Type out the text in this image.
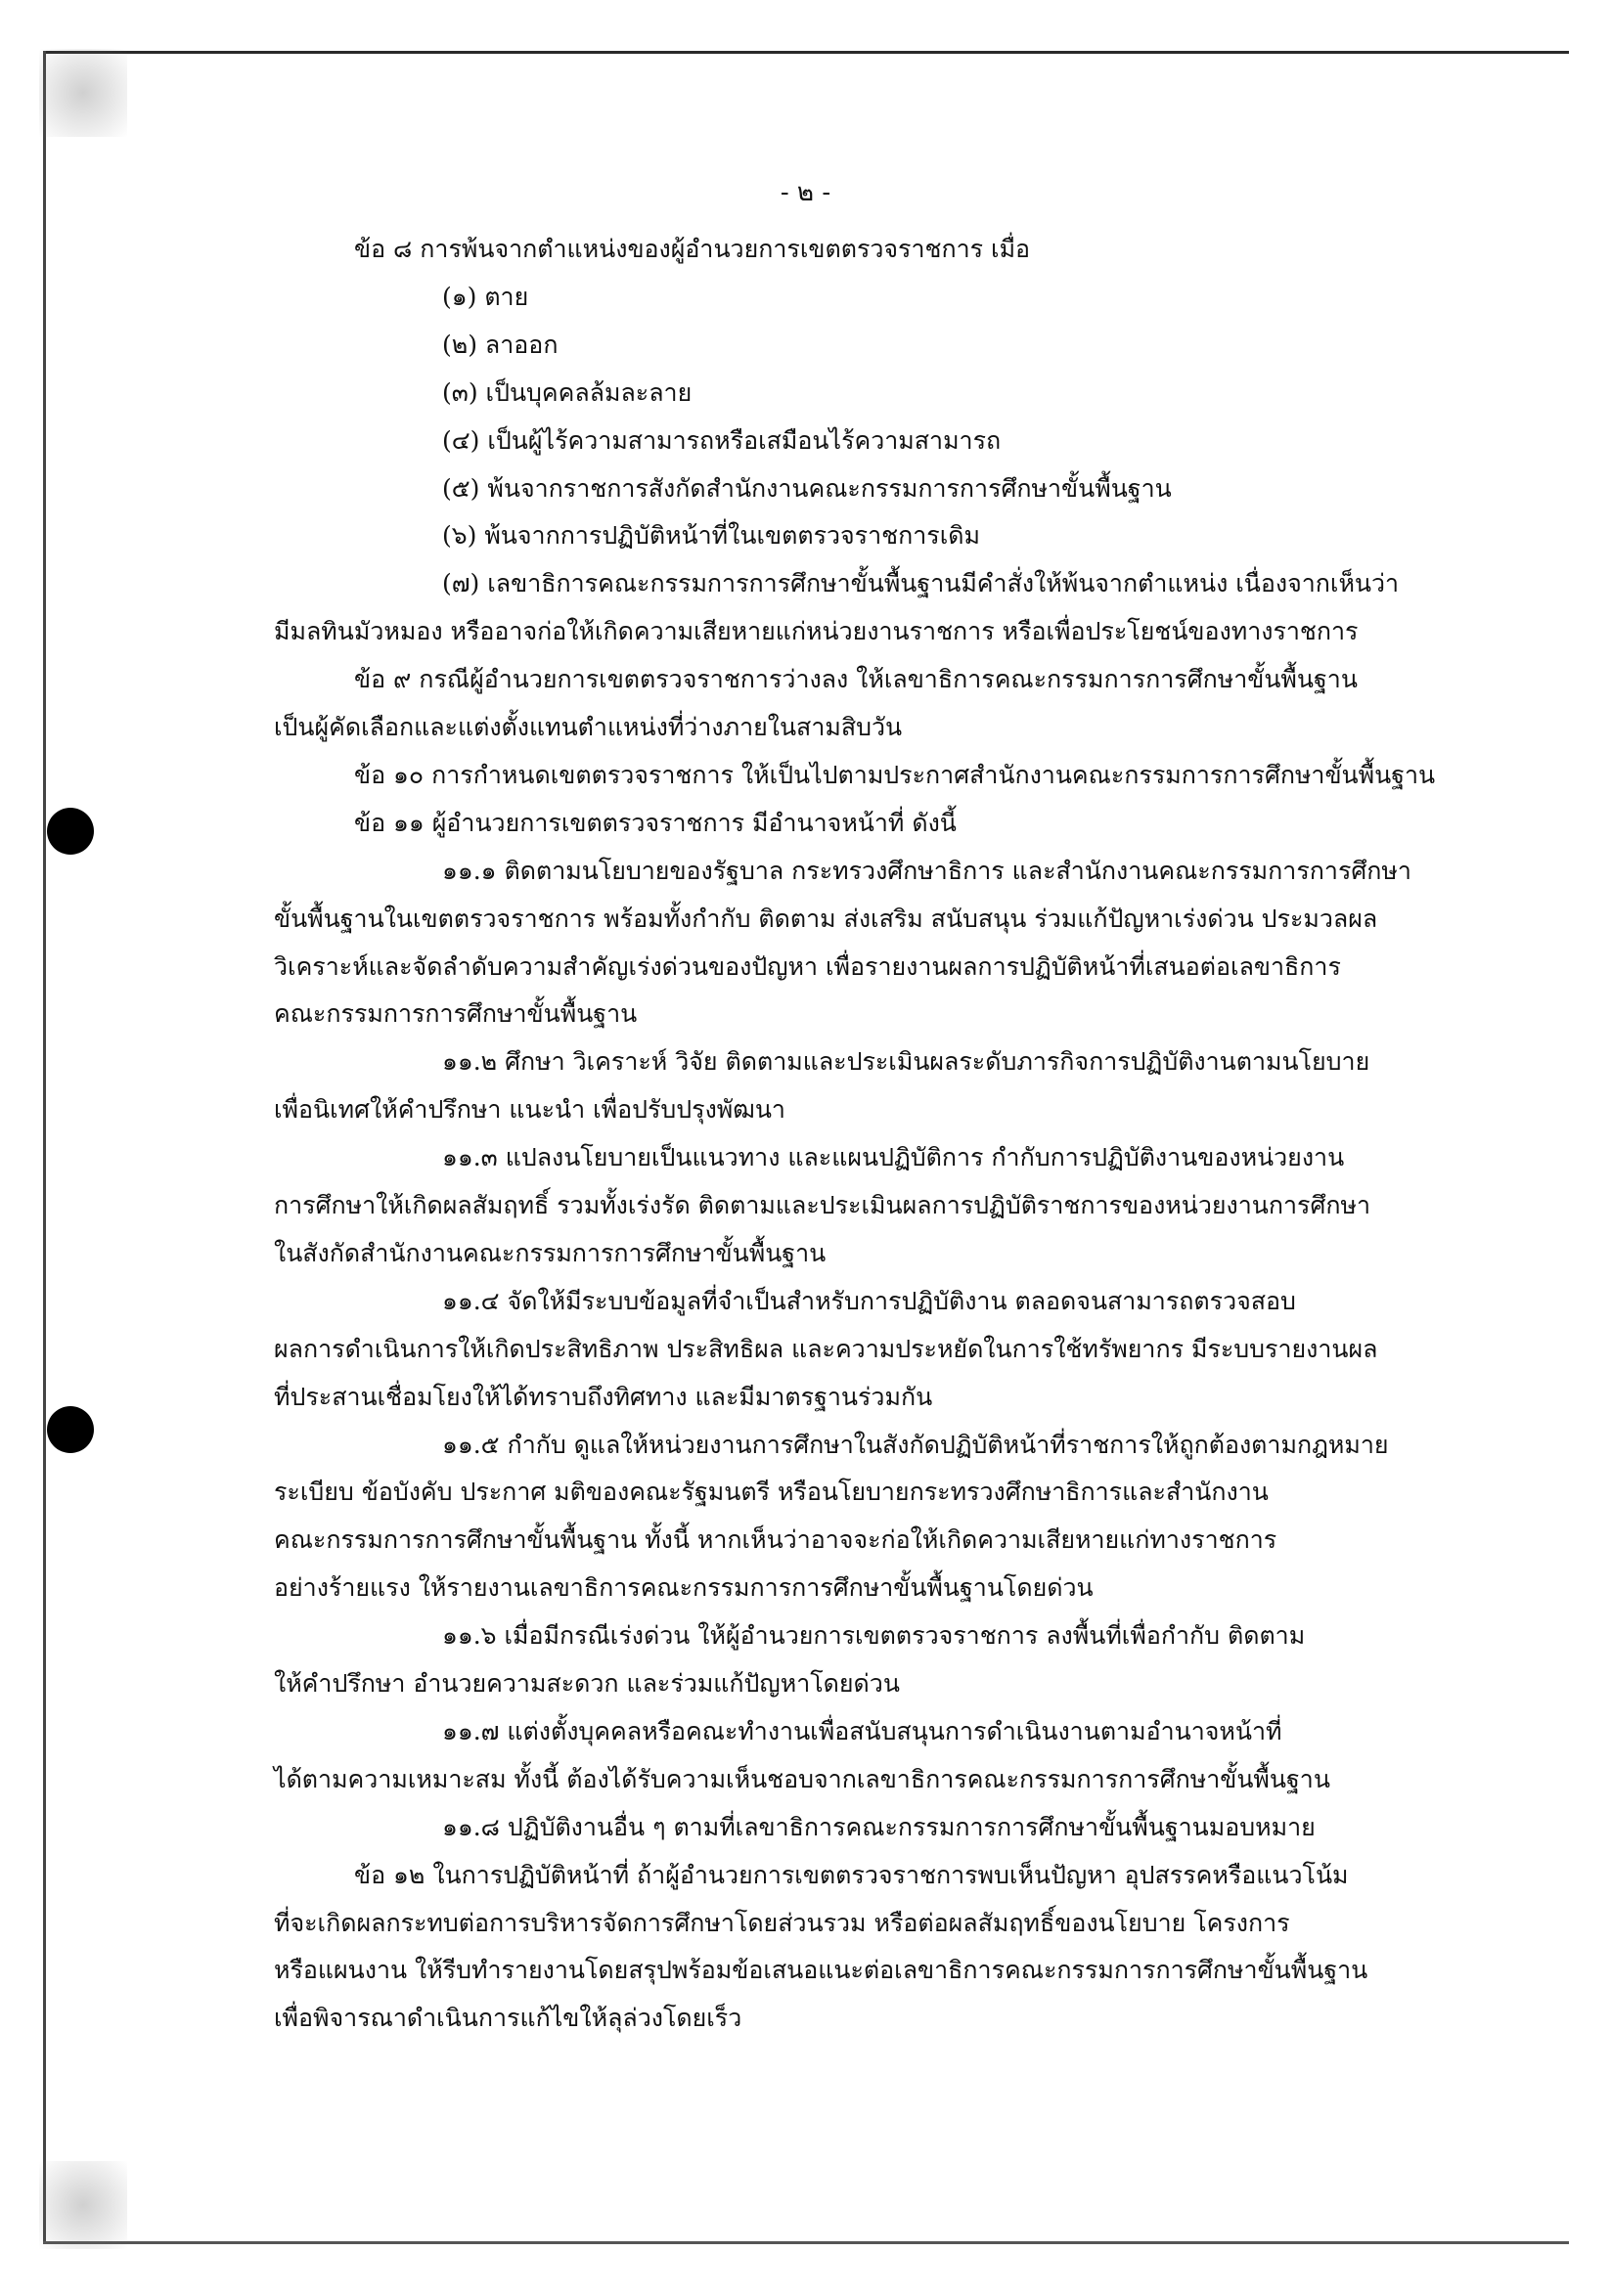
- ๒ -
ข้อ ๘ การพ้นจากตำแหน่งของผู้อำนวยการเขตตรวจราชการ เมื่อ
(๑) ตาย
(๒) ลาออก
(๓) เป็นบุคคลล้มละลาย
(๔) เป็นผู้ไร้ความสามารถหรือเสมือนไร้ความสามารถ
(๕) พ้นจากราชการสังกัดสำนักงานคณะกรรมการการศึกษาขั้นพื้นฐาน
(๖) พ้นจากการปฏิบัติหน้าที่ในเขตตรวจราชการเดิม
(๗) เลขาธิการคณะกรรมการการศึกษาขั้นพื้นฐานมีคำสั่งให้พ้นจากตำแหน่ง เนื่องจากเห็นว่า
มีมลทินมัวหมอง หรืออาจก่อให้เกิดความเสียหายแก่หน่วยงานราชการ หรือเพื่อประโยชน์ของทางราชการ
ข้อ ๙ กรณีผู้อำนวยการเขตตรวจราชการว่างลง ให้เลขาธิการคณะกรรมการการศึกษาขั้นพื้นฐาน
เป็นผู้คัดเลือกและแต่งตั้งแทนตำแหน่งที่ว่างภายในสามสิบวัน
ข้อ ๑๐ การกำหนดเขตตรวจราชการ ให้เป็นไปตามประกาศสำนักงานคณะกรรมการการศึกษาขั้นพื้นฐาน
ข้อ ๑๑ ผู้อำนวยการเขตตรวจราชการ มีอำนาจหน้าที่ ดังนี้
๑๑.๑ ติดตามนโยบายของรัฐบาล กระทรวงศึกษาธิการ และสำนักงานคณะกรรมการการศึกษา
ขั้นพื้นฐานในเขตตรวจราชการ พร้อมทั้งกำกับ ติดตาม ส่งเสริม สนับสนุน ร่วมแก้ปัญหาเร่งด่วน ประมวลผล
วิเคราะห์และจัดลำดับความสำคัญเร่งด่วนของปัญหา เพื่อรายงานผลการปฏิบัติหน้าที่เสนอต่อเลขาธิการ
คณะกรรมการการศึกษาขั้นพื้นฐาน
๑๑.๒ ศึกษา วิเคราะห์ วิจัย ติดตามและประเมินผลระดับภารกิจการปฏิบัติงานตามนโยบาย
เพื่อนิเทศให้คำปรึกษา แนะนำ เพื่อปรับปรุงพัฒนา
๑๑.๓ แปลงนโยบายเป็นแนวทาง และแผนปฏิบัติการ กำกับการปฏิบัติงานของหน่วยงาน
การศึกษาให้เกิดผลสัมฤทธิ์ รวมทั้งเร่งรัด ติดตามและประเมินผลการปฏิบัติราชการของหน่วยงานการศึกษา
ในสังกัดสำนักงานคณะกรรมการการศึกษาขั้นพื้นฐาน
๑๑.๔ จัดให้มีระบบข้อมูลที่จำเป็นสำหรับการปฏิบัติงาน ตลอดจนสามารถตรวจสอบ
ผลการดำเนินการให้เกิดประสิทธิภาพ ประสิทธิผล และความประหยัดในการใช้ทรัพยากร มีระบบรายงานผล
ที่ประสานเชื่อมโยงให้ได้ทราบถึงทิศทาง และมีมาตรฐานร่วมกัน
๑๑.๕ กำกับ ดูแลให้หน่วยงานการศึกษาในสังกัดปฏิบัติหน้าที่ราชการให้ถูกต้องตามกฎหมาย
ระเบียบ ข้อบังคับ ประกาศ มติของคณะรัฐมนตรี หรือนโยบายกระทรวงศึกษาธิการและสำนักงาน
คณะกรรมการการศึกษาขั้นพื้นฐาน ทั้งนี้ หากเห็นว่าอาจจะก่อให้เกิดความเสียหายแก่ทางราชการ
อย่างร้ายแรง ให้รายงานเลขาธิการคณะกรรมการการศึกษาขั้นพื้นฐานโดยด่วน
๑๑.๖ เมื่อมีกรณีเร่งด่วน ให้ผู้อำนวยการเขตตรวจราชการ ลงพื้นที่เพื่อกำกับ ติดตาม
ให้คำปรึกษา อำนวยความสะดวก และร่วมแก้ปัญหาโดยด่วน
๑๑.๗ แต่งตั้งบุคคลหรือคณะทำงานเพื่อสนับสนุนการดำเนินงานตามอำนาจหน้าที่
ได้ตามความเหมาะสม ทั้งนี้ ต้องได้รับความเห็นชอบจากเลขาธิการคณะกรรมการการศึกษาขั้นพื้นฐาน
๑๑.๘ ปฏิบัติงานอื่น ๆ ตามที่เลขาธิการคณะกรรมการการศึกษาขั้นพื้นฐานมอบหมาย
ข้อ ๑๒ ในการปฏิบัติหน้าที่ ถ้าผู้อำนวยการเขตตรวจราชการพบเห็นปัญหา อุปสรรคหรือแนวโน้ม
ที่จะเกิดผลกระทบต่อการบริหารจัดการศึกษาโดยส่วนรวม หรือต่อผลสัมฤทธิ์ของนโยบาย โครงการ
หรือแผนงาน ให้รีบทำรายงานโดยสรุปพร้อมข้อเสนอแนะต่อเลขาธิการคณะกรรมการการศึกษาขั้นพื้นฐาน
เพื่อพิจารณาดำเนินการแก้ไขให้ลุล่วงโดยเร็ว
